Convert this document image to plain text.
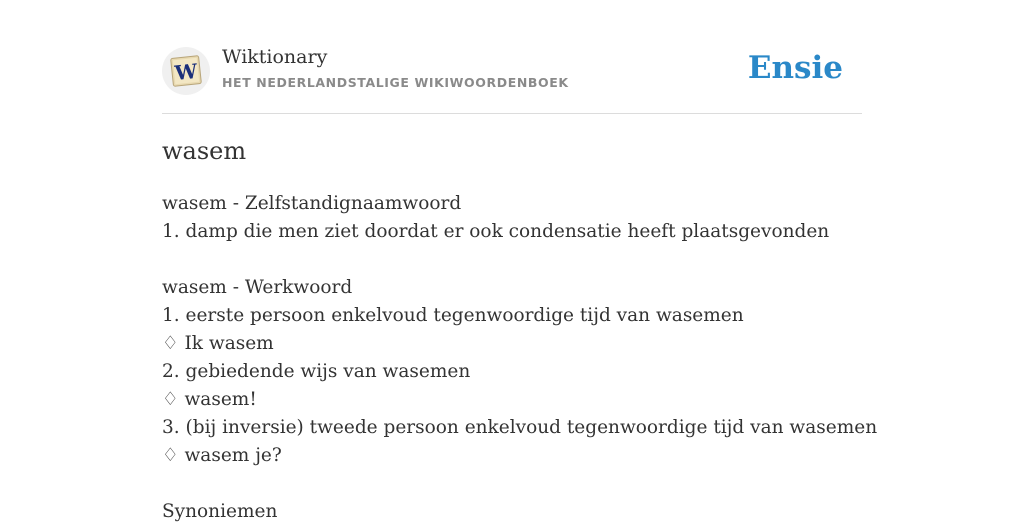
W
Wiktionary
HET NEDERLANDSTALIGE WIKIWOORDENBOEK	Ensie
wasem
wasem - Zelfstandignaamwoord
1. damp die men ziet doordat er ook condensatie heeft plaatsgevonden
wasem - Werkwoord
1. eerste persoon enkelvoud tegenwoordige tijd van wasemen
♢ Ik wasem
2. gebiedende wijs van wasemen
♢ wasem!
3. (bij inversie) tweede persoon enkelvoud tegenwoordige tijd van wasemen
♢ wasem je?
Synoniemen
